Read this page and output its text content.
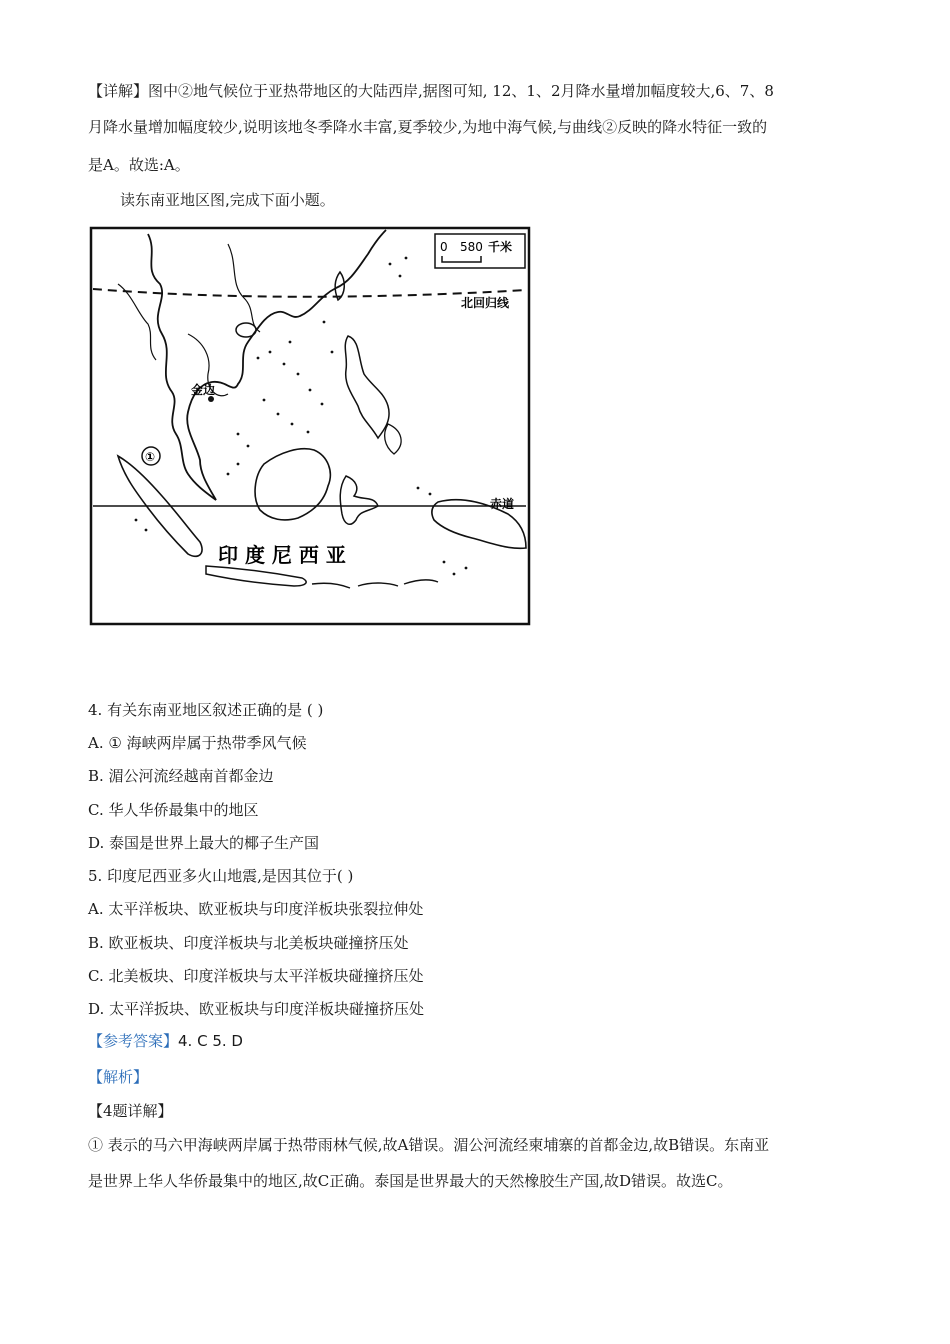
【详解】图中②地气候位于亚热带地区的大陆西岸,据图可知, 12、1、2月降水量增加幅度较大,6、7、8
月降水量增加幅度较少,说明该地冬季降水丰富,夏季较少,为地中海气候,与曲线②反映的降水特征一致的
是A。故选:A。
读东南亚地区图,完成下面小题。
0 580 千米
北回归线
赤道
金边
①
印 度 尼 西 亚
4. 有关东南亚地区叙述正确的是 ( )
A. ① 海峡两岸属于热带季风气候
B. 湄公河流经越南首都金边
C. 华人华侨最集中的地区
D. 泰国是世界上最大的椰子生产国
5. 印度尼西亚多火山地震,是因其位于( )
A. 太平洋板块、欧亚板块与印度洋板块张裂拉伸处
B. 欧亚板块、印度洋板块与北美板块碰撞挤压处
C. 北美板块、印度洋板块与太平洋板块碰撞挤压处
D. 太平洋扳块、欧亚板块与印度洋板块碰撞挤压处
【参考答案】4. C 5. D
【解析】
【4题详解】
① 表示的马六甲海峡两岸属于热带雨林气候,故A错误。湄公河流经柬埔寨的首都金边,故B错误。东南亚
是世界上华人华侨最集中的地区,故C正确。泰国是世界最大的天然橡胶生产国,故D错误。故选C。
